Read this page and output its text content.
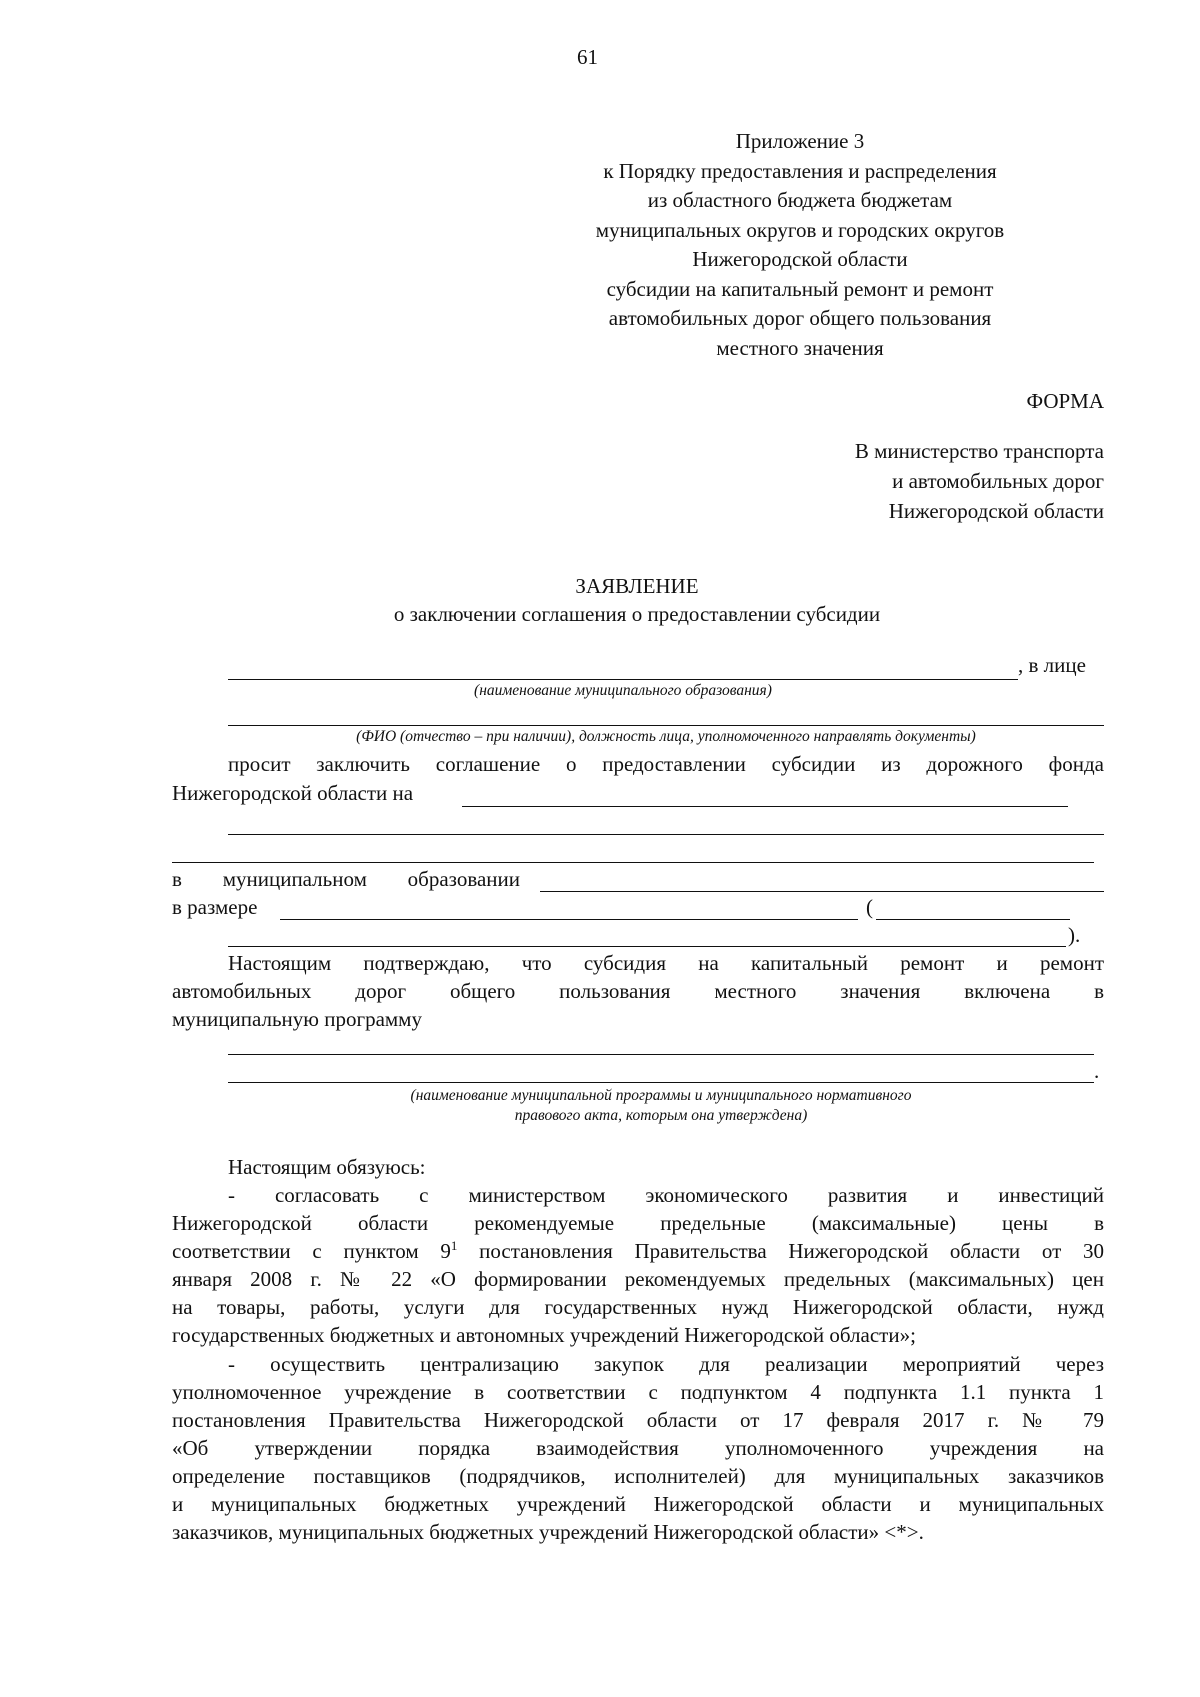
61
Приложение 3
к Порядку предоставления и распределения
из областного бюджета бюджетам
муниципальных округов и городских округов
Нижегородской области
субсидии на капитальный ремонт и ремонт
автомобильных дорог общего пользования
местного значения
ФОРМА
В министерство транспорта
и автомобильных дорог
Нижегородской области
ЗАЯВЛЕНИЕ
о заключении соглашения о предоставлении субсидии
, в лице
(наименование муниципального образования)
(ФИО (отчество – при наличии), должность лица, уполномоченного направлять документы)
просит заключить соглашение о предоставлении субсидии из дорожного фонда
Нижегородской области на
в муниципальном образовании
в размере	(
).
Настоящим подтверждаю, что субсидия на капитальный ремонт и ремонт
автомобильных дорог общего пользования местного значения включена в
муниципальную программу
.
(наименование муниципальной программы и муниципального нормативного
правового акта, которым она утверждена)
Настоящим обязуюсь:
- согласовать с министерством экономического развития и инвестиций
Нижегородской области рекомендуемые предельные (максимальные) цены в
соответствии с пунктом $9^1$ постановления Правительства Нижегородской области от 30
января 2008 г. № 22 «О формировании рекомендуемых предельных (максимальных) цен
на товары, работы, услуги для государственных нужд Нижегородской области, нужд
государственных бюджетных и автономных учреждений Нижегородской области»;
- осуществить централизацию закупок для реализации мероприятий через
уполномоченное учреждение в соответствии с подпунктом 4 подпункта 1.1 пункта 1
постановления Правительства Нижегородской области от 17 февраля 2017 г. № 79
«Об утверждении порядка взаимодействия уполномоченного учреждения на
определение поставщиков (подрядчиков, исполнителей) для муниципальных заказчиков
и муниципальных бюджетных учреждений Нижегородской области и муниципальных
заказчиков, муниципальных бюджетных учреждений Нижегородской области» <*>.
